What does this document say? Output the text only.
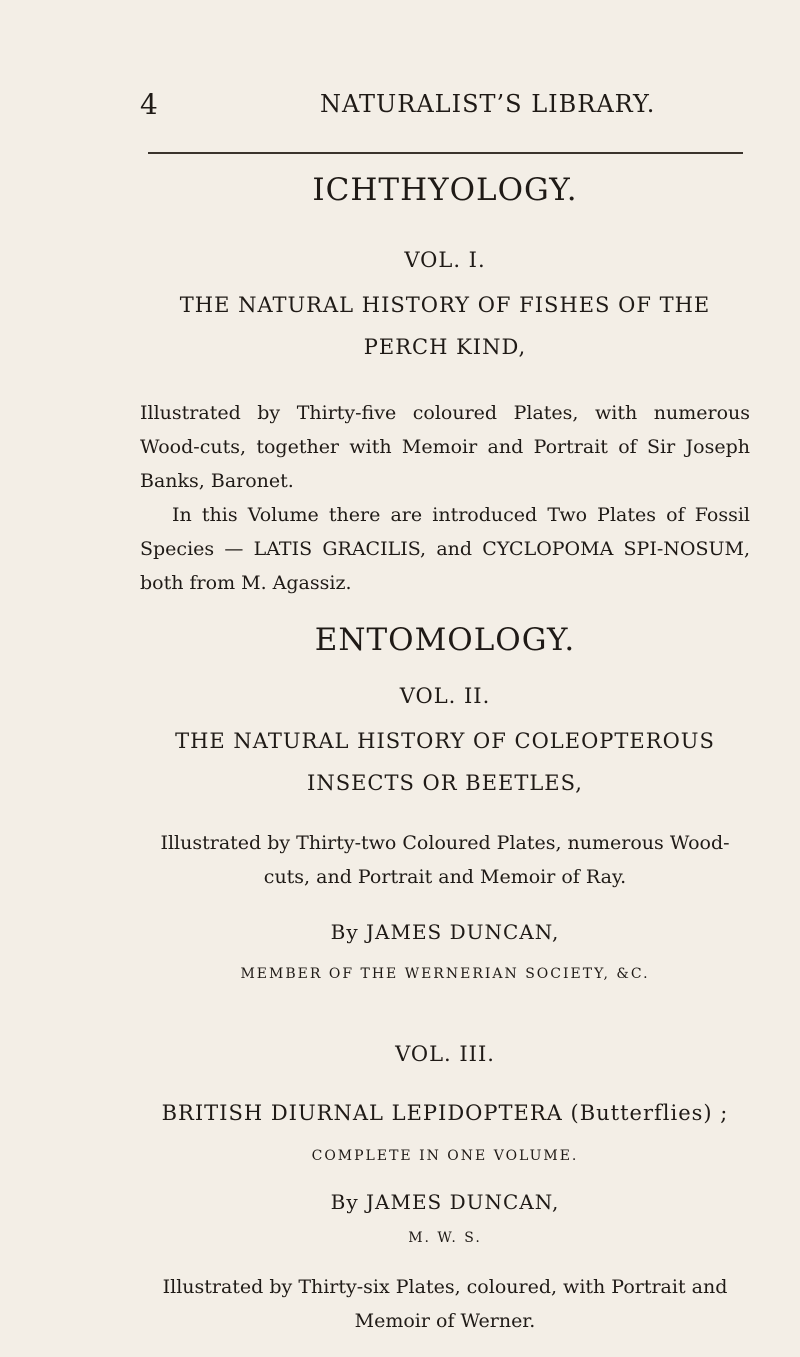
4	NATURALIST’S LIBRARY.
ICHTHYOLOGY.
VOL. I.
THE NATURAL HISTORY OF FISHES OF THE
PERCH KIND,
Illustrated by Thirty-five coloured Plates, with numerous Wood-cuts, together with Memoir and Portrait of Sir Joseph Banks, Baronet.
In this Volume there are introduced Two Plates of Fossil Species — LATIS GRACILIS, and CYCLOPOMA SPI-NOSUM, both from M. Agassiz.
ENTOMOLOGY.
VOL. II.
THE NATURAL HISTORY OF COLEOPTEROUS
INSECTS OR BEETLES,
Illustrated by Thirty-two Coloured Plates, numerous Wood-
cuts, and Portrait and Memoir of Ray.
By JAMES DUNCAN,
MEMBER OF THE WERNERIAN SOCIETY, &C.
VOL. III.
BRITISH DIURNAL LEPIDOPTERA (Butterflies) ;
COMPLETE IN ONE VOLUME.
By JAMES DUNCAN,
M. W. S.
Illustrated by Thirty-six Plates, coloured, with Portrait and
Memoir of Werner.
